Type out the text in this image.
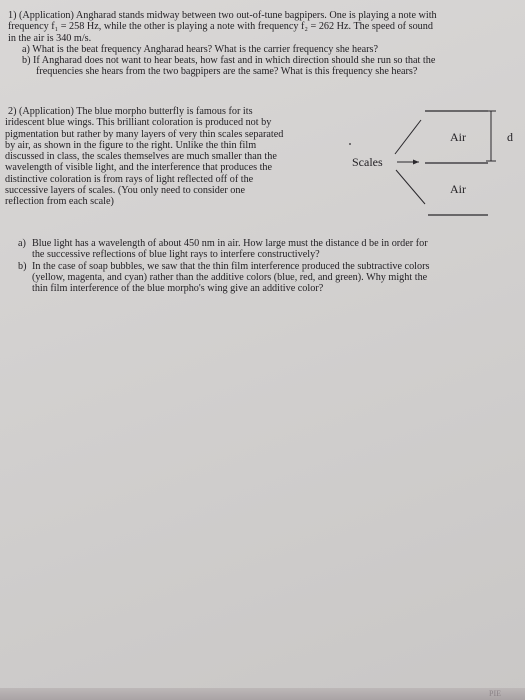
1) (Application) Angharad stands midway between two out-of-tune bagpipers. One is playing a note with
frequency f₁ = 258 Hz, while the other is playing a note with frequency f₂ = 262 Hz. The speed of sound
in the air is 340 m/s.
a) What is the beat frequency Angharad hears? What is the carrier frequency she hears?
b) If Angharad does not want to hear beats, how fast and in which direction should she run so that the
frequencies she hears from the two bagpipers are the same? What is this frequency she hears?
2) (Application) The blue morpho butterfly is famous for its
iridescent blue wings. This brilliant coloration is produced not by
pigmentation but rather by many layers of very thin scales separated
by air, as shown in the figure to the right. Unlike the thin film
discussed in class, the scales themselves are much smaller than the
wavelength of visible light, and the interference that produces the
distinctive coloration is from rays of light reflected off of the
successive layers of scales. (You only need to consider one
reflection from each scale)
Air
Air
Scales
d
a) Blue light has a wavelength of about 450 nm in air. How large must the distance d be in order for
the successive reflections of blue light rays to interfere constructively?
b) In the case of soap bubbles, we saw that the thin film interference produced the subtractive colors
(yellow, magenta, and cyan) rather than the additive colors (blue, red, and green). Why might the
thin film interference of the blue morpho's wing give an additive color?
PIE
